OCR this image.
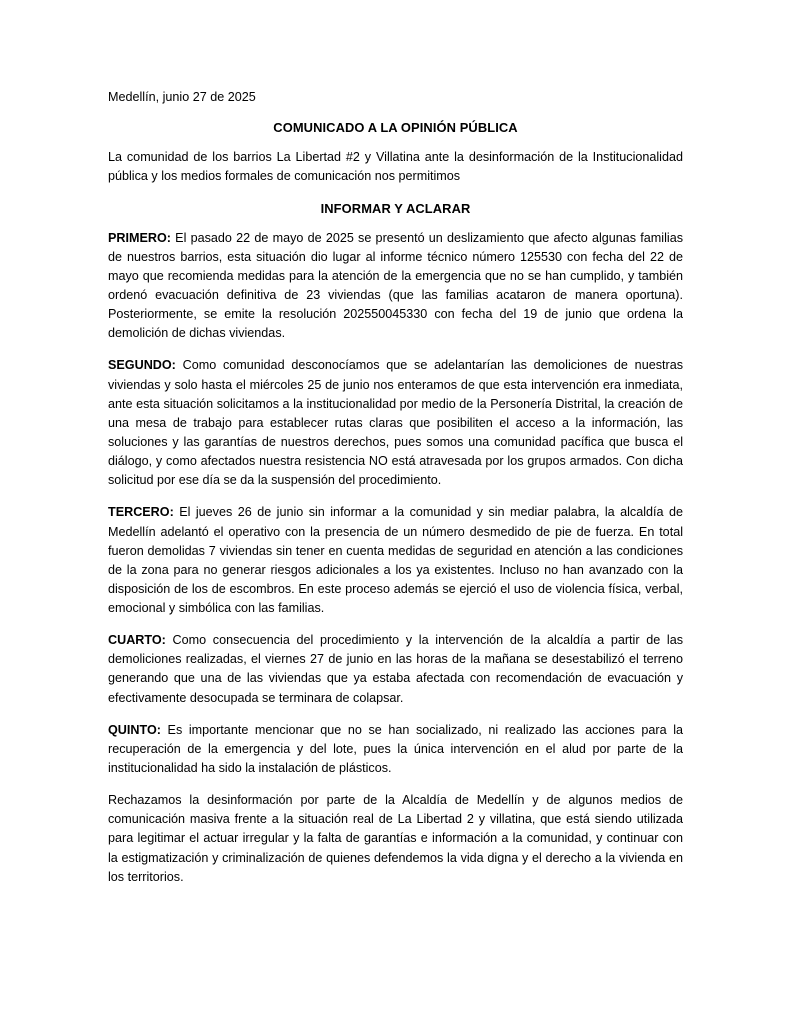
Medellín, junio 27 de 2025

COMUNICADO A LA OPINIÓN PÚBLICA

La comunidad de los barrios La Libertad #2 y Villatina ante la desinformación de la Institucionalidad pública y los medios formales de comunicación nos permitimos

INFORMAR Y ACLARAR

PRIMERO: El pasado 22 de mayo de 2025 se presentó un deslizamiento que afecto algunas familias de nuestros barrios, esta situación dio lugar al informe técnico número 125530 con fecha del 22 de mayo que recomienda medidas para la atención de la emergencia que no se han cumplido, y también ordenó evacuación definitiva de 23 viviendas (que las familias acataron de manera oportuna). Posteriormente, se emite la resolución 202550045330 con fecha del 19 de junio que ordena la demolición de dichas viviendas.

SEGUNDO: Como comunidad desconocíamos que se adelantarían las demoliciones de nuestras viviendas y solo hasta el miércoles 25 de junio nos enteramos de que esta intervención era inmediata, ante esta situación solicitamos a la institucionalidad por medio de la Personería Distrital, la creación de una mesa de trabajo para establecer rutas claras que posibiliten el acceso a la información, las soluciones y las garantías de nuestros derechos, pues somos una comunidad pacífica que busca el diálogo, y como afectados nuestra resistencia NO está atravesada por los grupos armados. Con dicha solicitud por ese día se da la suspensión del procedimiento.

TERCERO: El jueves 26 de junio sin informar a la comunidad y sin mediar palabra, la alcaldía de Medellín adelantó el operativo con la presencia de un número desmedido de pie de fuerza. En total fueron demolidas 7 viviendas sin tener en cuenta medidas de seguridad en atención a las condiciones de la zona para no generar riesgos adicionales a los ya existentes. Incluso no han avanzado con la disposición de los de escombros. En este proceso además se ejerció el uso de violencia física, verbal, emocional y simbólica con las familias.

CUARTO: Como consecuencia del procedimiento y la intervención de la alcaldía a partir de las demoliciones realizadas, el viernes 27 de junio en las horas de la mañana se desestabilizó el terreno generando que una de las viviendas que ya estaba afectada con recomendación de evacuación y efectivamente desocupada se terminara de colapsar.

QUINTO: Es importante mencionar que no se han socializado, ni realizado las acciones para la recuperación de la emergencia y del lote, pues la única intervención en el alud por parte de la institucionalidad ha sido la instalación de plásticos.

Rechazamos la desinformación por parte de la Alcaldía de Medellín y de algunos medios de comunicación masiva frente a la situación real de La Libertad 2 y villatina, que está siendo utilizada para legitimar el actuar irregular y la falta de garantías e información a la comunidad, y continuar con la estigmatización y criminalización de quienes defendemos la vida digna y el derecho a la vivienda en los territorios.
